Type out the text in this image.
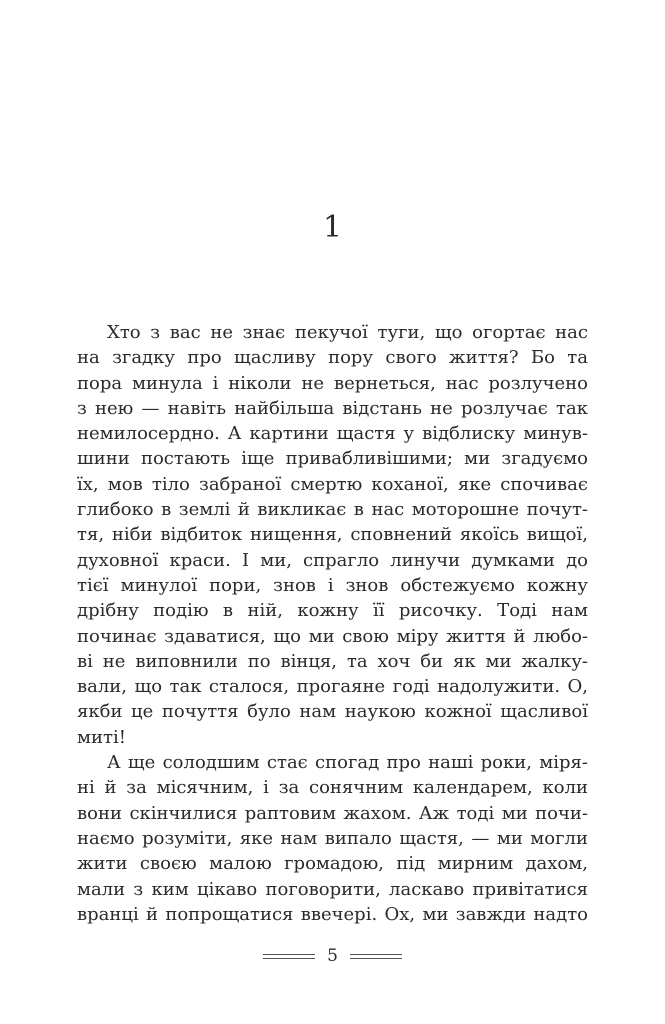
1
Хто з вас не знає пекучої туги, що огортає нас
на згадку про щасливу пору свого життя? Бо та
пора минула і ніколи не вернеться, нас розлучено
з нею — навіть найбільша відстань не розлучає так
немилосердно. А картини щастя у відблиску минув-
шини постають іще привабливішими; ми згадуємо
їх, мов тіло забраної смертю коханої, яке спочиває
глибоко в землі й викликає в нас моторошне почут-
тя, ніби відбиток нищення, сповнений якоїсь вищої,
духовної краси. І ми, спрагло линучи думками до
тієї минулої пори, знов і знов обстежуємо кожну
дрібну подію в ній, кожну її рисочку. Тоді нам
починає здаватися, що ми свою міру життя й любо-
ві не виповнили по вінця, та хоч би як ми жалку-
вали, що так сталося, прогаяне годі надолужити. О,
якби це почуття було нам наукою кожної щасливої
миті!
А ще солодшим стає спогад про наші роки, міря-
ні й за місячним, і за сонячним календарем, коли
вони скінчилися раптовим жахом. Аж тоді ми почи-
наємо розуміти, яке нам випало щастя, — ми могли
жити своєю малою громадою, під мирним дахом,
мали з ким цікаво поговорити, ласкаво привітатися
вранці й попрощатися ввечері. Ох, ми завжди надто
5
